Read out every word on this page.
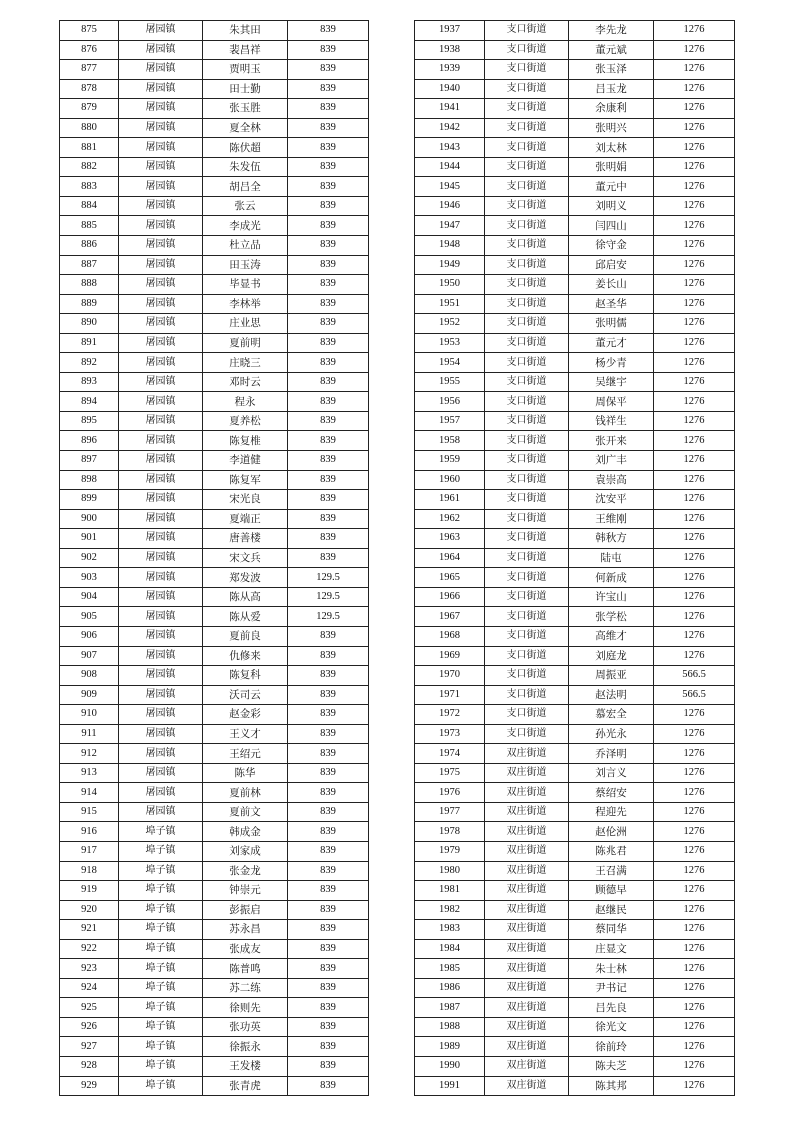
875	屠园镇	朱其田	839
876	屠园镇	裴昌祥	839
877	屠园镇	贾明玉	839
878	屠园镇	田士勤	839
879	屠园镇	张玉胜	839
880	屠园镇	夏全林	839
881	屠园镇	陈伏超	839
882	屠园镇	朱发伍	839
883	屠园镇	胡吕全	839
884	屠园镇	张云	839
885	屠园镇	李成光	839
886	屠园镇	杜立品	839
887	屠园镇	田玉涛	839
888	屠园镇	毕显书	839
889	屠园镇	李林举	839
890	屠园镇	庄业思	839
891	屠园镇	夏前明	839
892	屠园镇	庄晓三	839
893	屠园镇	邓时云	839
894	屠园镇	程永	839
895	屠园镇	夏养松	839
896	屠园镇	陈复椎	839
897	屠园镇	李道健	839
898	屠园镇	陈复军	839
899	屠园镇	宋光良	839
900	屠园镇	夏端正	839
901	屠园镇	唐善楼	839
902	屠园镇	宋文兵	839
903	屠园镇	郑发波	129.5
904	屠园镇	陈从高	129.5
905	屠园镇	陈从爱	129.5
906	屠园镇	夏前良	839
907	屠园镇	仇修来	839
908	屠园镇	陈复科	839
909	屠园镇	沃司云	839
910	屠园镇	赵金彩	839
911	屠园镇	王义才	839
912	屠园镇	王绍元	839
913	屠园镇	陈华	839
914	屠园镇	夏前林	839
915	屠园镇	夏前文	839
916	埠子镇	韩成金	839
917	埠子镇	刘家成	839
918	埠子镇	张金龙	839
919	埠子镇	钟崇元	839
920	埠子镇	彭振启	839
921	埠子镇	苏永昌	839
922	埠子镇	张成友	839
923	埠子镇	陈普鸣	839
924	埠子镇	苏二练	839
925	埠子镇	徐则先	839
926	埠子镇	张功英	839
927	埠子镇	徐振永	839
928	埠子镇	王发楼	839
929	埠子镇	张青虎	839
1937	支口街道	李先龙	1276
1938	支口街道	董元斌	1276
1939	支口街道	张玉泽	1276
1940	支口街道	吕玉龙	1276
1941	支口街道	余康利	1276
1942	支口街道	张明兴	1276
1943	支口街道	刘太林	1276
1944	支口街道	张明娟	1276
1945	支口街道	董元中	1276
1946	支口街道	刘明义	1276
1947	支口街道	闫四山	1276
1948	支口街道	徐守金	1276
1949	支口街道	邱启安	1276
1950	支口街道	姜长山	1276
1951	支口街道	赵圣华	1276
1952	支口街道	张明儒	1276
1953	支口街道	董元才	1276
1954	支口街道	杨少青	1276
1955	支口街道	吴继宇	1276
1956	支口街道	周保平	1276
1957	支口街道	钱祥生	1276
1958	支口街道	张开来	1276
1959	支口街道	刘广丰	1276
1960	支口街道	袁崇高	1276
1961	支口街道	沈安平	1276
1962	支口街道	王维刚	1276
1963	支口街道	韩秋方	1276
1964	支口街道	陆屯	1276
1965	支口街道	何新成	1276
1966	支口街道	许宝山	1276
1967	支口街道	张学松	1276
1968	支口街道	高维才	1276
1969	支口街道	刘庭龙	1276
1970	支口街道	周振亚	566.5
1971	支口街道	赵法明	566.5
1972	支口街道	慕宏全	1276
1973	支口街道	孙光永	1276
1974	双庄街道	乔泽明	1276
1975	双庄街道	刘言义	1276
1976	双庄街道	蔡绍安	1276
1977	双庄街道	程迎先	1276
1978	双庄街道	赵伦洲	1276
1979	双庄街道	陈兆君	1276
1980	双庄街道	王召满	1276
1981	双庄街道	顾德早	1276
1982	双庄街道	赵继民	1276
1983	双庄街道	蔡同华	1276
1984	双庄街道	庄显文	1276
1985	双庄街道	朱士林	1276
1986	双庄街道	尹书记	1276
1987	双庄街道	吕先良	1276
1988	双庄街道	徐光文	1276
1989	双庄街道	徐前玲	1276
1990	双庄街道	陈夫芝	1276
1991	双庄街道	陈其邦	1276
